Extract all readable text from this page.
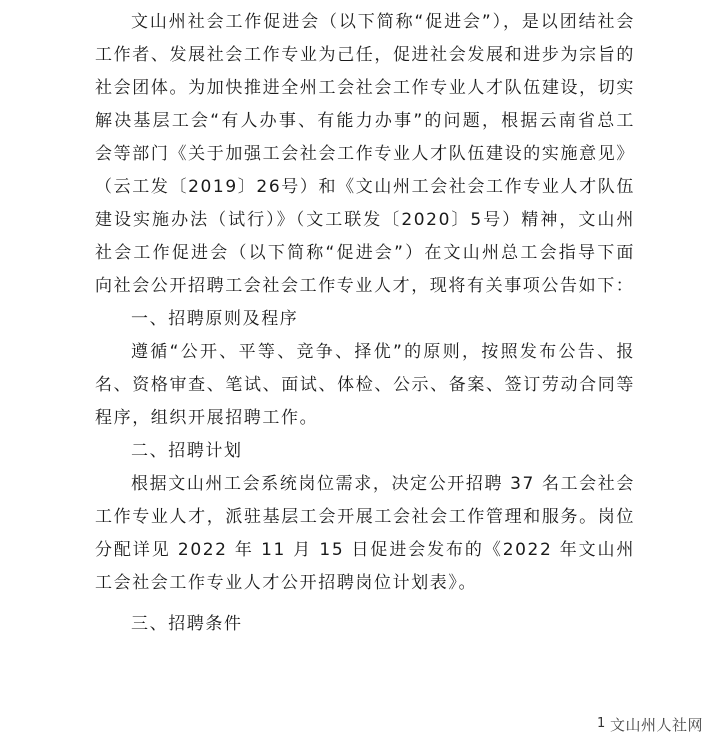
文山州社会工作促进会（以下简称“促进会”），是以团结社会工作者、发展社会工作专业为己任，促进社会发展和进步为宗旨的社会团体。为加快推进全州工会社会工作专业人才队伍建设，切实解决基层工会“有人办事、有能力办事”的问题，根据云南省总工会等部门《关于加强工会社会工作专业人才队伍建设的实施意见》（云工发〔2019〕26号）和《文山州工会社会工作专业人才队伍建设实施办法（试行）》（文工联发〔2020〕5号）精神，文山州社会工作促进会（以下简称“促进会”）在文山州总工会指导下面向社会公开招聘工会社会工作专业人才，现将有关事项公告如下：

一、招聘原则及程序

遵循“公开、平等、竞争、择优”的原则，按照发布公告、报名、资格审查、笔试、面试、体检、公示、备案、签订劳动合同等程序，组织开展招聘工作。

二、招聘计划

根据文山州工会系统岗位需求，决定公开招聘 37 名工会社会工作专业人才，派驻基层工会开展工会社会工作管理和服务。岗位分配详见 2022 年 11 月 15 日促进会发布的《2022 年文山州工会社会工作专业人才公开招聘岗位计划表》。

三、招聘条件

1 文山州人社网
